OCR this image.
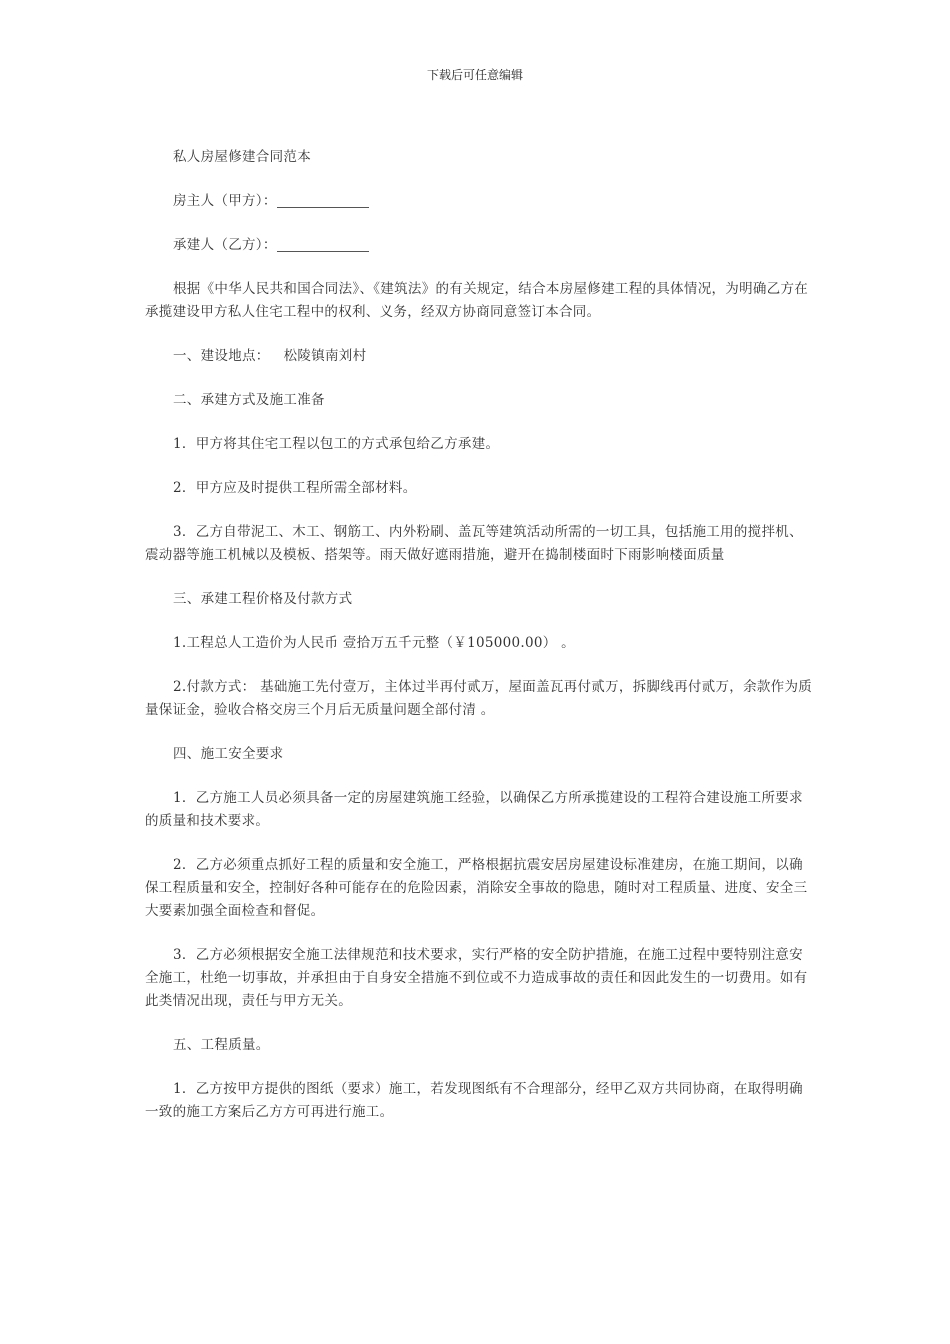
下载后可任意编辑

私人房屋修建合同范本

房主人（甲方）：

承建人（乙方）：

根据《中华人民共和国合同法》、《建筑法》的有关规定，结合本房屋修建工程的具体情况，为明确乙方在承揽建设甲方私人住宅工程中的权利、义务，经双方协商同意签订本合同。

一、建设地点： 松陵镇南刘村

二、承建方式及施工准备

1．甲方将其住宅工程以包工的方式承包给乙方承建。

2．甲方应及时提供工程所需全部材料。

3．乙方自带泥工、木工、钢筋工、内外粉刷、盖瓦等建筑活动所需的一切工具，包括施工用的搅拌机、震动器等施工机械以及模板、搭架等。雨天做好遮雨措施，避开在捣制楼面时下雨影响楼面质量

三、承建工程价格及付款方式

1.工程总人工造价为人民币 壹拾万五千元整（￥105000.00） 。

2.付款方式： 基础施工先付壹万，主体过半再付贰万，屋面盖瓦再付贰万，拆脚线再付贰万，余款作为质量保证金，验收合格交房三个月后无质量问题全部付清 。

四、施工安全要求

1．乙方施工人员必须具备一定的房屋建筑施工经验，以确保乙方所承揽建设的工程符合建设施工所要求的质量和技术要求。

2．乙方必须重点抓好工程的质量和安全施工，严格根据抗震安居房屋建设标准建房，在施工期间，以确保工程质量和安全，控制好各种可能存在的危险因素，消除安全事故的隐患，随时对工程质量、进度、安全三大要素加强全面检查和督促。

3．乙方必须根据安全施工法律规范和技术要求，实行严格的安全防护措施，在施工过程中要特别注意安全施工，杜绝一切事故，并承担由于自身安全措施不到位或不力造成事故的责任和因此发生的一切费用。如有此类情况出现，责任与甲方无关。

五、工程质量。

1．乙方按甲方提供的图纸（要求）施工，若发现图纸有不合理部分，经甲乙双方共同协商，在取得明确一致的施工方案后乙方方可再进行施工。
